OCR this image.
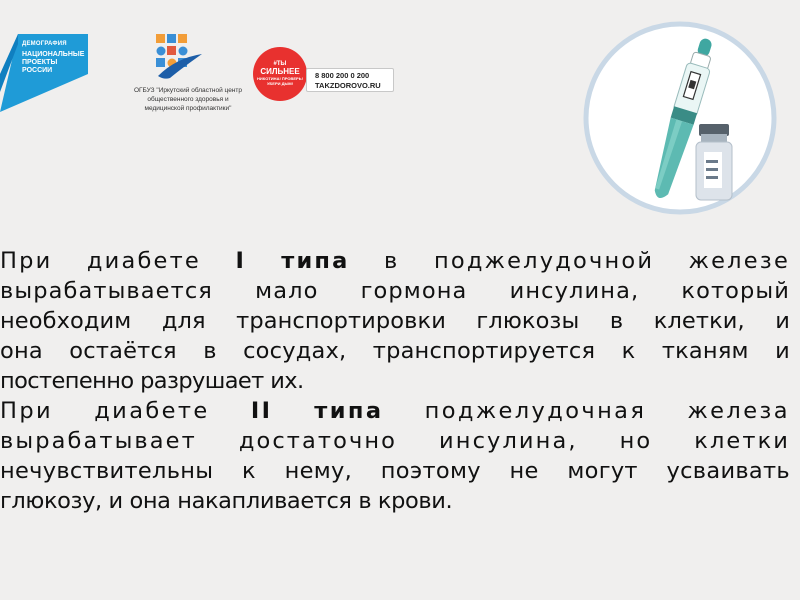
ДЕМОГРАФИЯ
НАЦИОНАЛЬНЫЕ
ПРОЕКТЫ
РОССИИ
ОГБУЗ "Иркутский областной центр
общественного здоровья и
медицинской профилактики"
#ТЫ
СИЛЬНЕЕ
НИКОТИНА! ПРОВЕРЬ! УБЕРИ ДЫМ!
8 800 200 0 200
TAKZDOROVO.RU
При диабете I типа в поджелудочной железе
вырабатывается мало гормона инсулина, который
необходим для транспортировки глюкозы в клетки, и
она остаётся в сосудах, транспортируется к тканям и
постепенно разрушает их.
При диабете II типа поджелудочная железа
вырабатывает достаточно инсулина, но клетки
нечувствительны к нему, поэтому не могут усваивать
глюкозу, и она накапливается в крови.
